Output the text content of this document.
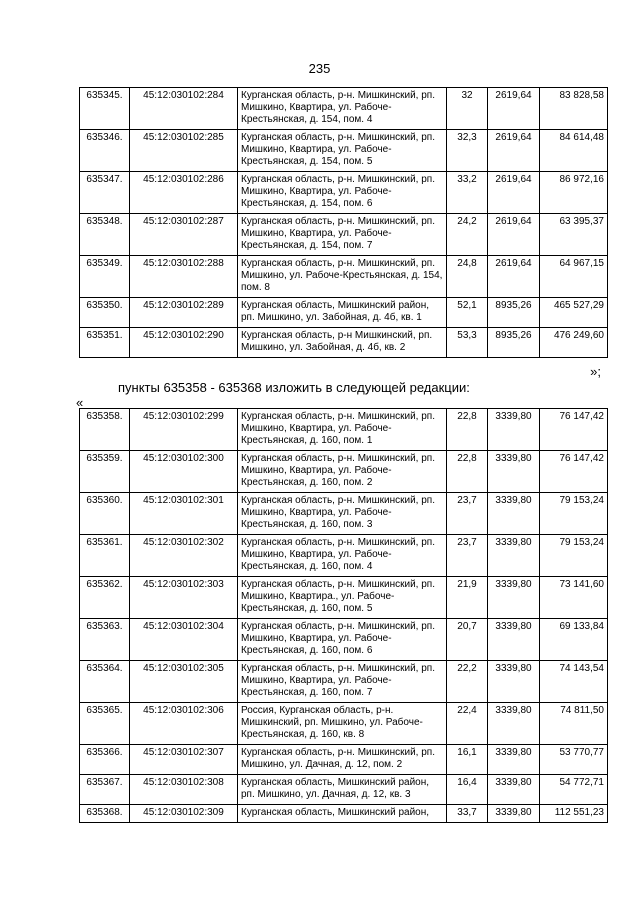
235
635345.	45:12:030102:284	Курганская область, р-н. Мишкинский, рп. Мишкино, Квартира, ул. Рабоче-Крестьянская, д. 154, пом. 4	32	2619,64	83 828,58
635346.	45:12:030102:285	Курганская область, р-н. Мишкинский, рп. Мишкино, Квартира, ул. Рабоче-Крестьянская, д. 154, пом. 5	32,3	2619,64	84 614,48
635347.	45:12:030102:286	Курганская область, р-н. Мишкинский, рп. Мишкино, Квартира, ул. Рабоче-Крестьянская, д. 154, пом. 6	33,2	2619,64	86 972,16
635348.	45:12:030102:287	Курганская область, р-н. Мишкинский, рп. Мишкино, Квартира, ул. Рабоче-Крестьянская, д. 154, пом. 7	24,2	2619,64	63 395,37
635349.	45:12:030102:288	Курганская область, р-н. Мишкинский, рп. Мишкино, ул. Рабоче-Крестьянская, д. 154, пом. 8	24,8	2619,64	64 967,15
635350.	45:12:030102:289	Курганская область, Мишкинский район, рп. Мишкино, ул. Забойная, д. 4б, кв. 1	52,1	8935,26	465 527,29
635351.	45:12:030102:290	Курганская область, р-н Мишкинский, рп. Мишкино, ул. Забойная, д. 4б, кв. 2	53,3	8935,26	476 249,60
»;
пункты 635358 - 635368 изложить в следующей редакции:
«
635358.	45:12:030102:299	Курганская область, р-н. Мишкинский, рп. Мишкино, Квартира, ул. Рабоче-Крестьянская, д. 160, пом. 1	22,8	3339,80	76 147,42
635359.	45:12:030102:300	Курганская область, р-н. Мишкинский, рп. Мишкино, Квартира, ул. Рабоче-Крестьянская, д. 160, пом. 2	22,8	3339,80	76 147,42
635360.	45:12:030102:301	Курганская область, р-н. Мишкинский, рп. Мишкино, Квартира, ул. Рабоче-Крестьянская, д. 160, пом. 3	23,7	3339,80	79 153,24
635361.	45:12:030102:302	Курганская область, р-н. Мишкинский, рп. Мишкино, Квартира, ул. Рабоче-Крестьянская, д. 160, пом. 4	23,7	3339,80	79 153,24
635362.	45:12:030102:303	Курганская область, р-н. Мишкинский, рп. Мишкино, Квартира., ул. Рабоче-Крестьянская, д. 160, пом. 5	21,9	3339,80	73 141,60
635363.	45:12:030102:304	Курганская область, р-н. Мишкинский, рп. Мишкино, Квартира, ул. Рабоче-Крестьянская, д. 160, пом. 6	20,7	3339,80	69 133,84
635364.	45:12:030102:305	Курганская область, р-н. Мишкинский, рп. Мишкино, Квартира, ул. Рабоче-Крестьянская, д. 160, пом. 7	22,2	3339,80	74 143,54
635365.	45:12:030102:306	Россия, Курганская область, р-н. Мишкинский, рп. Мишкино, ул. Рабоче-Крестьянская, д. 160, кв. 8	22,4	3339,80	74 811,50
635366.	45:12:030102:307	Курганская область, р-н. Мишкинский, рп. Мишкино, ул. Дачная, д. 12, пом. 2	16,1	3339,80	53 770,77
635367.	45:12:030102:308	Курганская область, Мишкинский район, рп. Мишкино, ул. Дачная, д. 12, кв. 3	16,4	3339,80	54 772,71
635368.	45:12:030102:309	Курганская область, Мишкинский район,	33,7	3339,80	112 551,23
